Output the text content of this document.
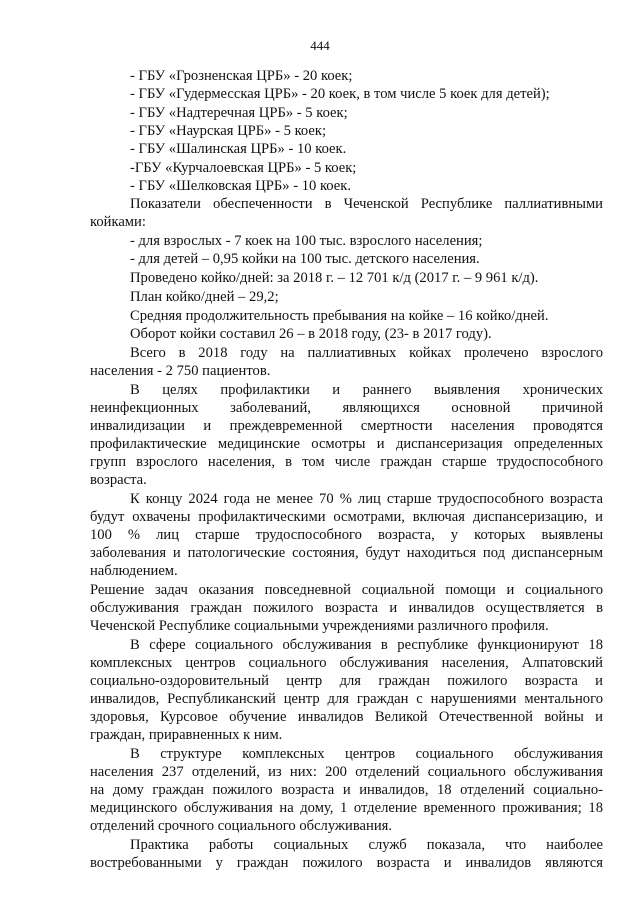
444
- ГБУ «Грозненская ЦРБ» - 20 коек;
- ГБУ «Гудермесская ЦРБ» - 20 коек, в том числе 5 коек для детей);
- ГБУ «Надтеречная ЦРБ» - 5 коек;
- ГБУ «Наурская ЦРБ» - 5 коек;
- ГБУ «Шалинская ЦРБ» - 10 коек.
-ГБУ «Курчалоевская ЦРБ» - 5 коек;
- ГБУ «Шелковская ЦРБ» - 10 коек.
Показатели обеспеченности в Чеченской Республике паллиативными
койками:
- для взрослых - 7 коек на 100 тыс. взрослого населения;
- для детей – 0,95 койки на 100 тыс. детского населения.
Проведено койко/дней: за 2018 г. – 12 701 к/д (2017 г. – 9 961 к/д).
План койко/дней – 29,2;
Средняя продолжительность пребывания на койке – 16 койко/дней.
Оборот койки составил 26 – в 2018 году, (23- в 2017 году).
Всего в 2018 году на паллиативных койках пролечено взрослого
населения - 2 750 пациентов.
В целях профилактики и раннего выявления хронических
неинфекционных заболеваний, являющихся основной причиной
инвалидизации и преждевременной смертности населения проводятся
профилактические медицинские осмотры и диспансеризация определенных
групп взрослого населения, в том числе граждан старше трудоспособного
возраста.
К концу 2024 года не менее 70 % лиц старше трудоспособного возраста
будут охвачены профилактическими осмотрами, включая диспансеризацию, и
100 % лиц старше трудоспособного возраста, у которых выявлены
заболевания и патологические состояния, будут находиться под диспансерным
наблюдением.
Решение задач оказания повседневной социальной помощи и социального
обслуживания граждан пожилого возраста и инвалидов осуществляется в
Чеченской Республике социальными учреждениями различного профиля.
В сфере социального обслуживания в республике функционируют 18
комплексных центров социального обслуживания населения, Алпатовский
социально-оздоровительный центр для граждан пожилого возраста и
инвалидов, Республиканский центр для граждан с нарушениями ментального
здоровья, Курсовое обучение инвалидов Великой Отечественной войны и
граждан, приравненных к ним.
В структуре комплексных центров социального обслуживания
населения 237 отделений, из них: 200 отделений социального обслуживания
на дому граждан пожилого возраста и инвалидов, 18 отделений социально-
медицинского обслуживания на дому, 1 отделение временного проживания; 18
отделений срочного социального обслуживания.
Практика работы социальных служб показала, что наиболее
востребованными у граждан пожилого возраста и инвалидов являются
